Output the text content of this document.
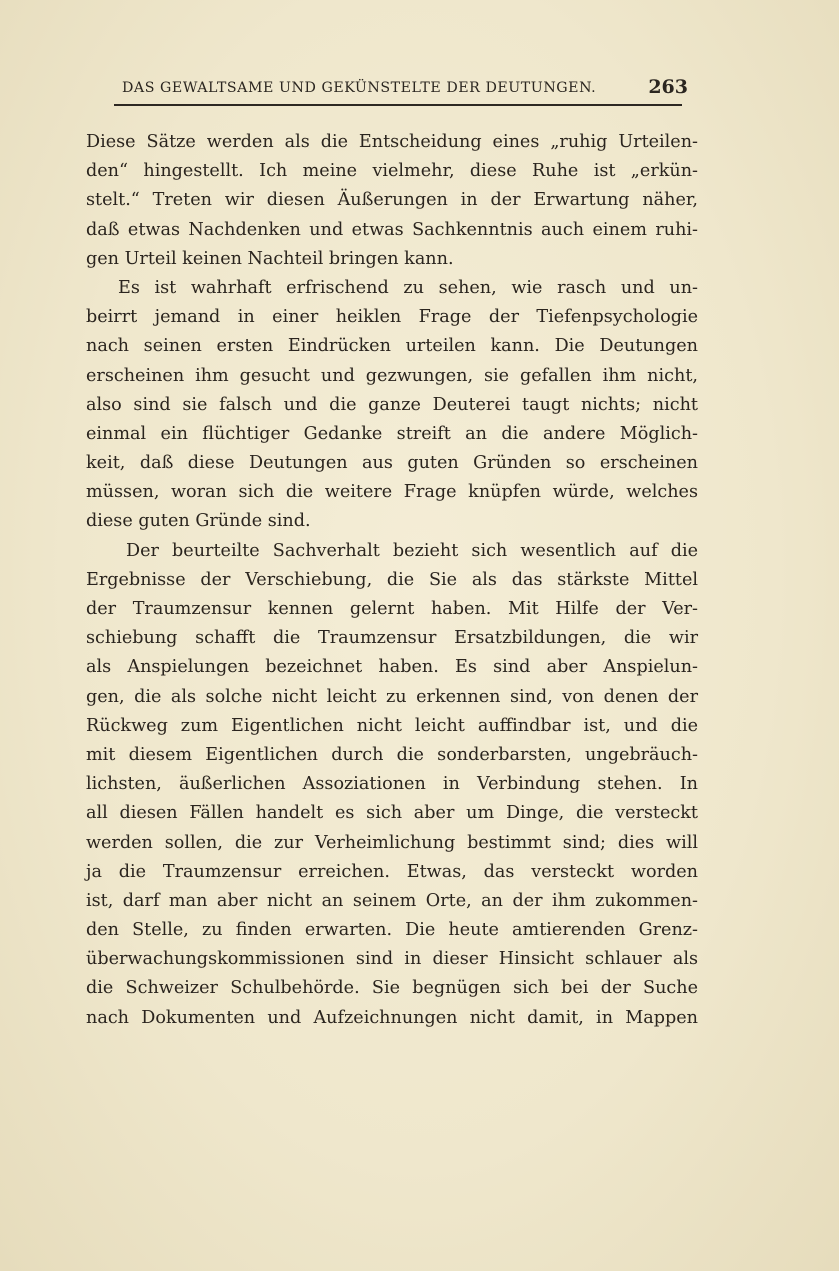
DAS GEWALTSAME UND GEKÜNSTELTE DER DEUTUNGEN.	263
Diese Sätze werden als die Entscheidung eines „ruhig Urteilen-
den“ hingestellt. Ich meine vielmehr, diese Ruhe ist „erkün-
stelt.“ Treten wir diesen Äußerungen in der Erwartung näher,
daß etwas Nachdenken und etwas Sachkenntnis auch einem ruhi-
gen Urteil keinen Nachteil bringen kann.
Es ist wahrhaft erfrischend zu sehen, wie rasch und un-
beirrt jemand in einer heiklen Frage der Tiefenpsychologie
nach seinen ersten Eindrücken urteilen kann. Die Deutungen
erscheinen ihm gesucht und gezwungen, sie gefallen ihm nicht,
also sind sie falsch und die ganze Deuterei taugt nichts; nicht
einmal ein flüchtiger Gedanke streift an die andere Möglich-
keit, daß diese Deutungen aus guten Gründen so erscheinen
müssen, woran sich die weitere Frage knüpfen würde, welches
diese guten Gründe sind.
Der beurteilte Sachverhalt bezieht sich wesentlich auf die
Ergebnisse der Verschiebung, die Sie als das stärkste Mittel
der Traumzensur kennen gelernt haben. Mit Hilfe der Ver-
schiebung schafft die Traumzensur Ersatzbildungen, die wir
als Anspielungen bezeichnet haben. Es sind aber Anspielun-
gen, die als solche nicht leicht zu erkennen sind, von denen der
Rückweg zum Eigentlichen nicht leicht auffindbar ist, und die
mit diesem Eigentlichen durch die sonderbarsten, ungebräuch-
lichsten, äußerlichen Assoziationen in Verbindung stehen. In
all diesen Fällen handelt es sich aber um Dinge, die versteckt
werden sollen, die zur Verheimlichung bestimmt sind; dies will
ja die Traumzensur erreichen. Etwas, das versteckt worden
ist, darf man aber nicht an seinem Orte, an der ihm zukommen-
den Stelle, zu finden erwarten. Die heute amtierenden Grenz-
überwachungskommissionen sind in dieser Hinsicht schlauer als
die Schweizer Schulbehörde. Sie begnügen sich bei der Suche
nach Dokumenten und Aufzeichnungen nicht damit, in Mappen
